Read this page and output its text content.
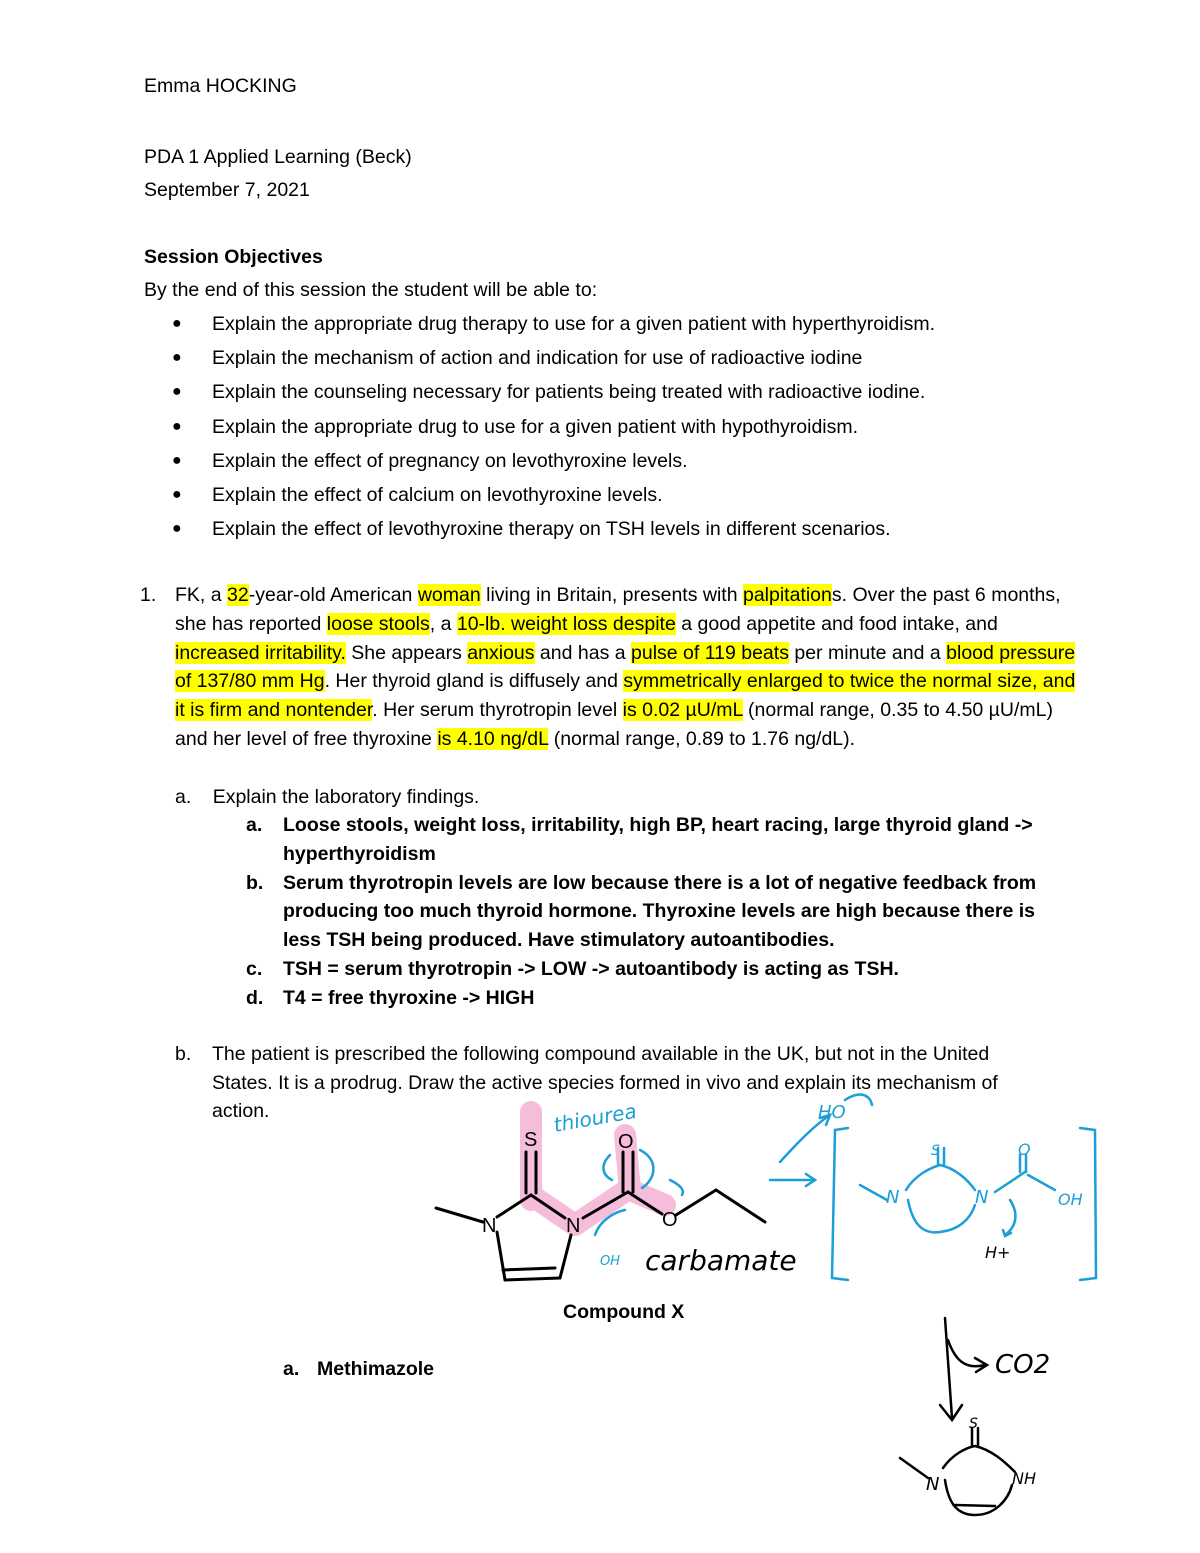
Emma HOCKING
PDA 1 Applied Learning (Beck)
September 7, 2021
Session Objectives
By the end of this session the student will be able to:
● Explain the appropriate drug therapy to use for a given patient with hyperthyroidism.
● Explain the mechanism of action and indication for use of radioactive iodine
● Explain the counseling necessary for patients being treated with radioactive iodine.
● Explain the appropriate drug to use for a given patient with hypothyroidism.
● Explain the effect of pregnancy on levothyroxine levels.
● Explain the effect of calcium on levothyroxine levels.
● Explain the effect of levothyroxine therapy on TSH levels in different scenarios.
1. FK, a 32-year-old American woman living in Britain, presents with palpitations. Over the past 6 months, she has reported loose stools, a 10-lb. weight loss despite a good appetite and food intake, and increased irritability. She appears anxious and has a pulse of 119 beats per minute and a blood pressure of 137/80 mm Hg. Her thyroid gland is diffusely and symmetrically enlarged to twice the normal size, and it is firm and nontender. Her serum thyrotropin level is 0.02 µU/mL (normal range, 0.35 to 4.50 µU/mL) and her level of free thyroxine is 4.10 ng/dL (normal range, 0.89 to 1.76 ng/dL).
a. Explain the laboratory findings.
a. Loose stools, weight loss, irritability, high BP, heart racing, large thyroid gland -> hyperthyroidism
b. Serum thyrotropin levels are low because there is a lot of negative feedback from producing too much thyroid hormone. Thyroxine levels are high because there is less TSH being produced. Have stimulatory autoantibodies.
c. TSH = serum thyrotropin -> LOW -> autoantibody is acting as TSH.
d. T4 = free thyroxine -> HIGH
b. The patient is prescribed the following compound available in the UK, but not in the United States. It is a prodrug. Draw the active species formed in vivo and explain its mechanism of action.
S	O
N	N	O
thiourea
carbamate
OH
HO
S
N	N
O
OH
H+
CO2
S
N	NH
Compound X
a. Methimazole
